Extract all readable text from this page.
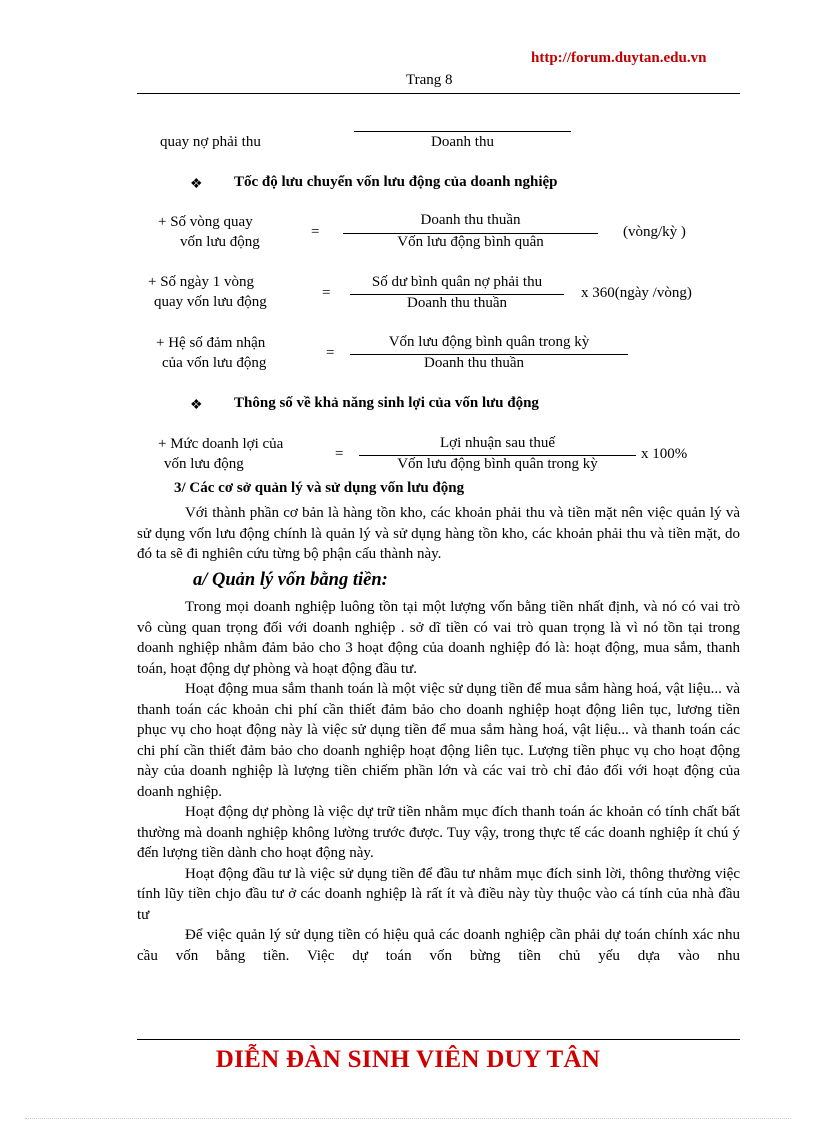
http://forum.duytan.edu.vn
Trang 8
quay nợ phải thu	Doanh thu
❖ Tốc độ lưu chuyển vốn lưu động của doanh nghiệp
+ Số vòng quay
vốn lưu động
=
Doanh thu thuần
Vốn lưu động bình quân
(vòng/kỳ )
+ Số ngày 1 vòng
quay vốn lưu động
=
Số dư bình quân nợ phải thu
Doanh thu thuần
x 360(ngày /vòng)
+ Hệ số đảm nhận
của vốn lưu động
=
Vốn lưu động bình quân trong kỳ
Doanh thu thuần
❖ Thông số về khả năng sinh lợi của vốn lưu động
+ Mức doanh lợi của
vốn lưu động
=
Lợi nhuận sau thuế
Vốn lưu động bình quân trong kỳ
x 100%
3/ Các cơ sở quản lý và sử dụng vốn lưu động

Với thành phần cơ bản là hàng tồn kho, các khoản phải thu và tiền mặt nên việc quản lý và sử dụng vốn lưu động chính là quản lý và sử dụng hàng tồn kho, các khoản phải thu và tiền mặt, do đó ta sẽ đi nghiên cứu từng bộ phận cấu thành này.

a/ Quản lý vốn bằng tiền:

Trong mọi doanh nghiệp luông tồn tại một lượng vốn bằng tiền nhất định, và nó có vai trò vô cùng quan trọng đối với doanh nghiệp . sở dĩ tiền có vai trò quan trọng là vì nó tồn tại trong doanh nghiệp nhằm đảm bảo cho 3 hoạt động của doanh nghiệp đó là: hoạt động, mua sắm, thanh toán, hoạt động dự phòng và hoạt động đầu tư.

Hoạt động mua sắm thanh toán là một việc sử dụng tiền để mua sắm hàng hoá, vật liệu... và thanh toán các khoản chi phí cần thiết đảm bảo cho doanh nghiệp hoạt động liên tục, lương tiền phục vụ cho hoạt động này là việc sử dụng tiền để mua sắm hàng hoá, vật liệu... và thanh toán các chi phí cần thiết đảm bảo cho doanh nghiệp hoạt động liên tục. Lượng tiền phục vụ cho hoạt động này của doanh nghiệp là lượng tiền chiếm phần lớn và các vai trò chỉ đảo đối với hoạt động của doanh nghiệp.

Hoạt động dự phòng là việc dự trữ tiền nhằm mục đích thanh toán ác khoản có tính chất bất thường mà doanh nghiệp không lường trước được. Tuy vậy, trong thực tế các doanh nghiệp ít chú ý đến lượng tiền dành cho hoạt động này.

Hoạt động đầu tư là việc sử dụng tiền để đầu tư nhằm mục đích sinh lời, thông thường việc tính lũy tiền chjo đầu tư ở các doanh nghiệp là rất ít và điều này tùy thuộc vào cá tính của nhà đầu tư

Để việc quản lý sử dụng tiền có hiệu quả các doanh nghiệp cần phải dự toán chính xác nhu cầu vốn bằng tiền. Việc dự toán vốn bừng tiền chủ yếu dựa vào nhu

DIỄN ĐÀN SINH VIÊN DUY TÂN
